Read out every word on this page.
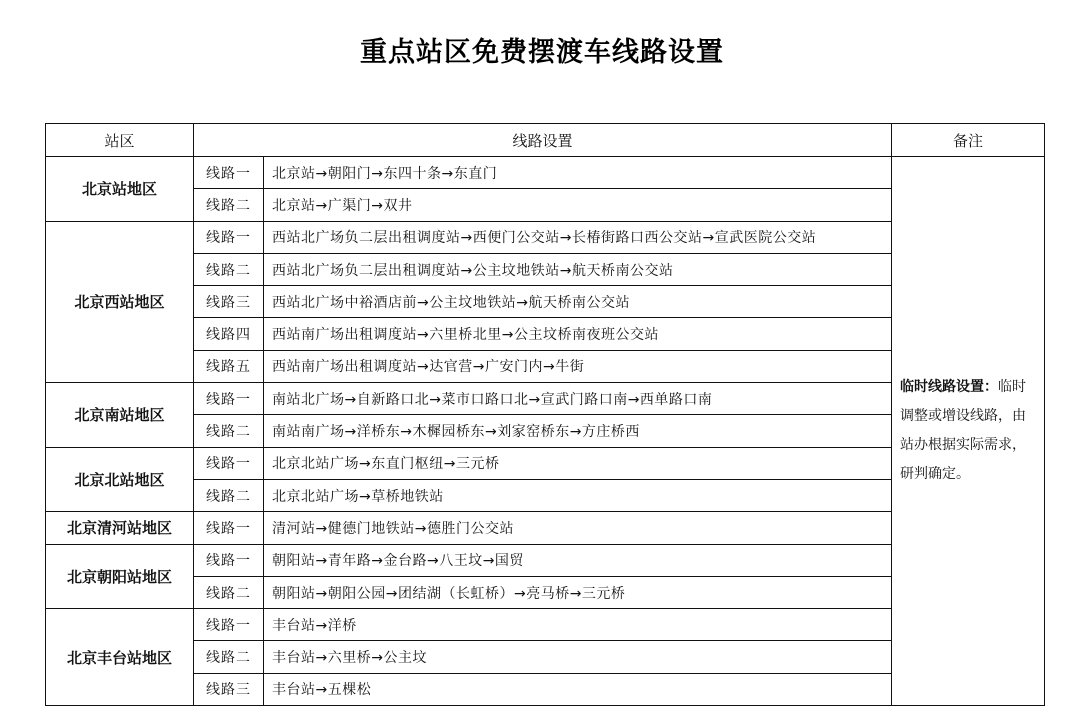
重点站区免费摆渡车线路设置
站区	线路设置		备注
北京站地区	线路一	北京站→朝阳门→东四十条→东直门	临时线路设置：临时调整或增设线路，由站办根据实际需求，研判确定。
	线路二	北京站→广渠门→双井	
北京西站地区	线路一	西站北广场负二层出租调度站→西便门公交站→长椿街路口西公交站→宣武医院公交站	
	线路二	西站北广场负二层出租调度站→公主坟地铁站→航天桥南公交站	
	线路三	西站北广场中裕酒店前→公主坟地铁站→航天桥南公交站	
	线路四	西站南广场出租调度站→六里桥北里→公主坟桥南夜班公交站	
	线路五	西站南广场出租调度站→达官营→广安门内→牛街	
北京南站地区	线路一	南站北广场→自新路口北→菜市口路口北→宣武门路口南→西单路口南	
	线路二	南站南广场→洋桥东→木樨园桥东→刘家窑桥东→方庄桥西	
北京北站地区	线路一	北京北站广场→东直门枢纽→三元桥	
	线路二	北京北站广场→草桥地铁站	
北京清河站地区	线路一	清河站→健德门地铁站→德胜门公交站	
北京朝阳站地区	线路一	朝阳站→青年路→金台路→八王坟→国贸	
	线路二	朝阳站→朝阳公园→团结湖（长虹桥）→亮马桥→三元桥	
北京丰台站地区	线路一	丰台站→洋桥	
	线路二	丰台站→六里桥→公主坟	
	线路三	丰台站→五棵松	
